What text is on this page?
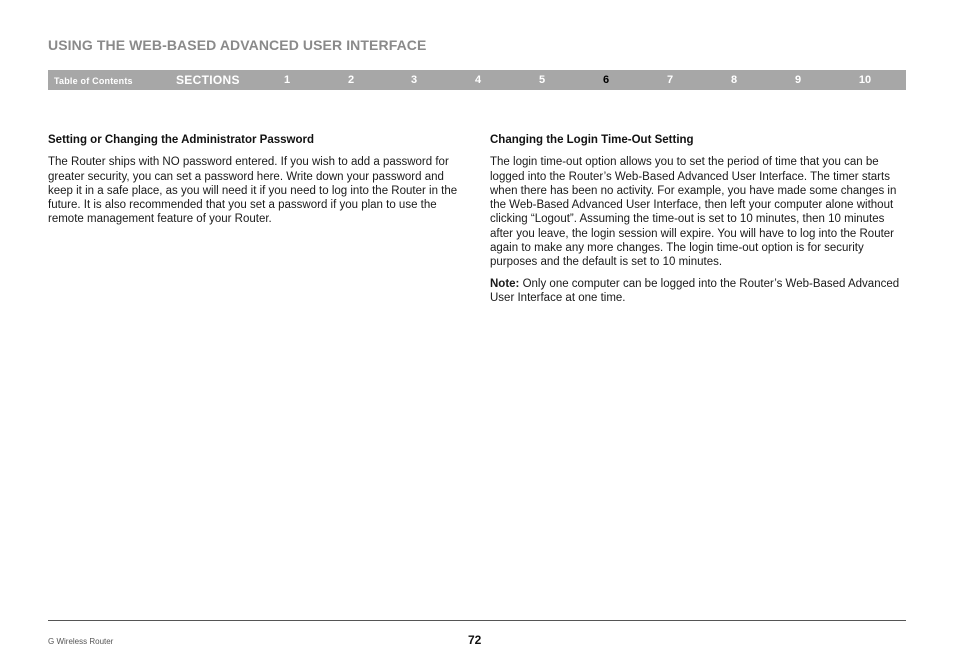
USING THE WEB-BASED ADVANCED USER INTERFACE
Table of Contents	SECTIONS	1	2	3	4	5	6	7	8	9	10
Setting or Changing the Administrator Password

The Router ships with NO password entered. If you wish to add a password for greater security, you can set a password here. Write down your password and keep it in a safe place, as you will need it if you need to log into the Router in the future. It is also recommended that you set a password if you plan to use the remote management feature of your Router.

Changing the Login Time-Out Setting

The login time-out option allows you to set the period of time that you can be logged into the Router’s Web-Based Advanced User Interface. The timer starts when there has been no activity. For example, you have made some changes in the Web-Based Advanced User Interface, then left your computer alone without clicking “Logout”. Assuming the time-out is set to 10 minutes, then 10 minutes after you leave, the login session will expire. You will have to log into the Router again to make any more changes. The login time-out option is for security purposes and the default is set to 10 minutes.

Note: Only one computer can be logged into the Router’s Web-Based Advanced User Interface at one time.

G Wireless Router	72
